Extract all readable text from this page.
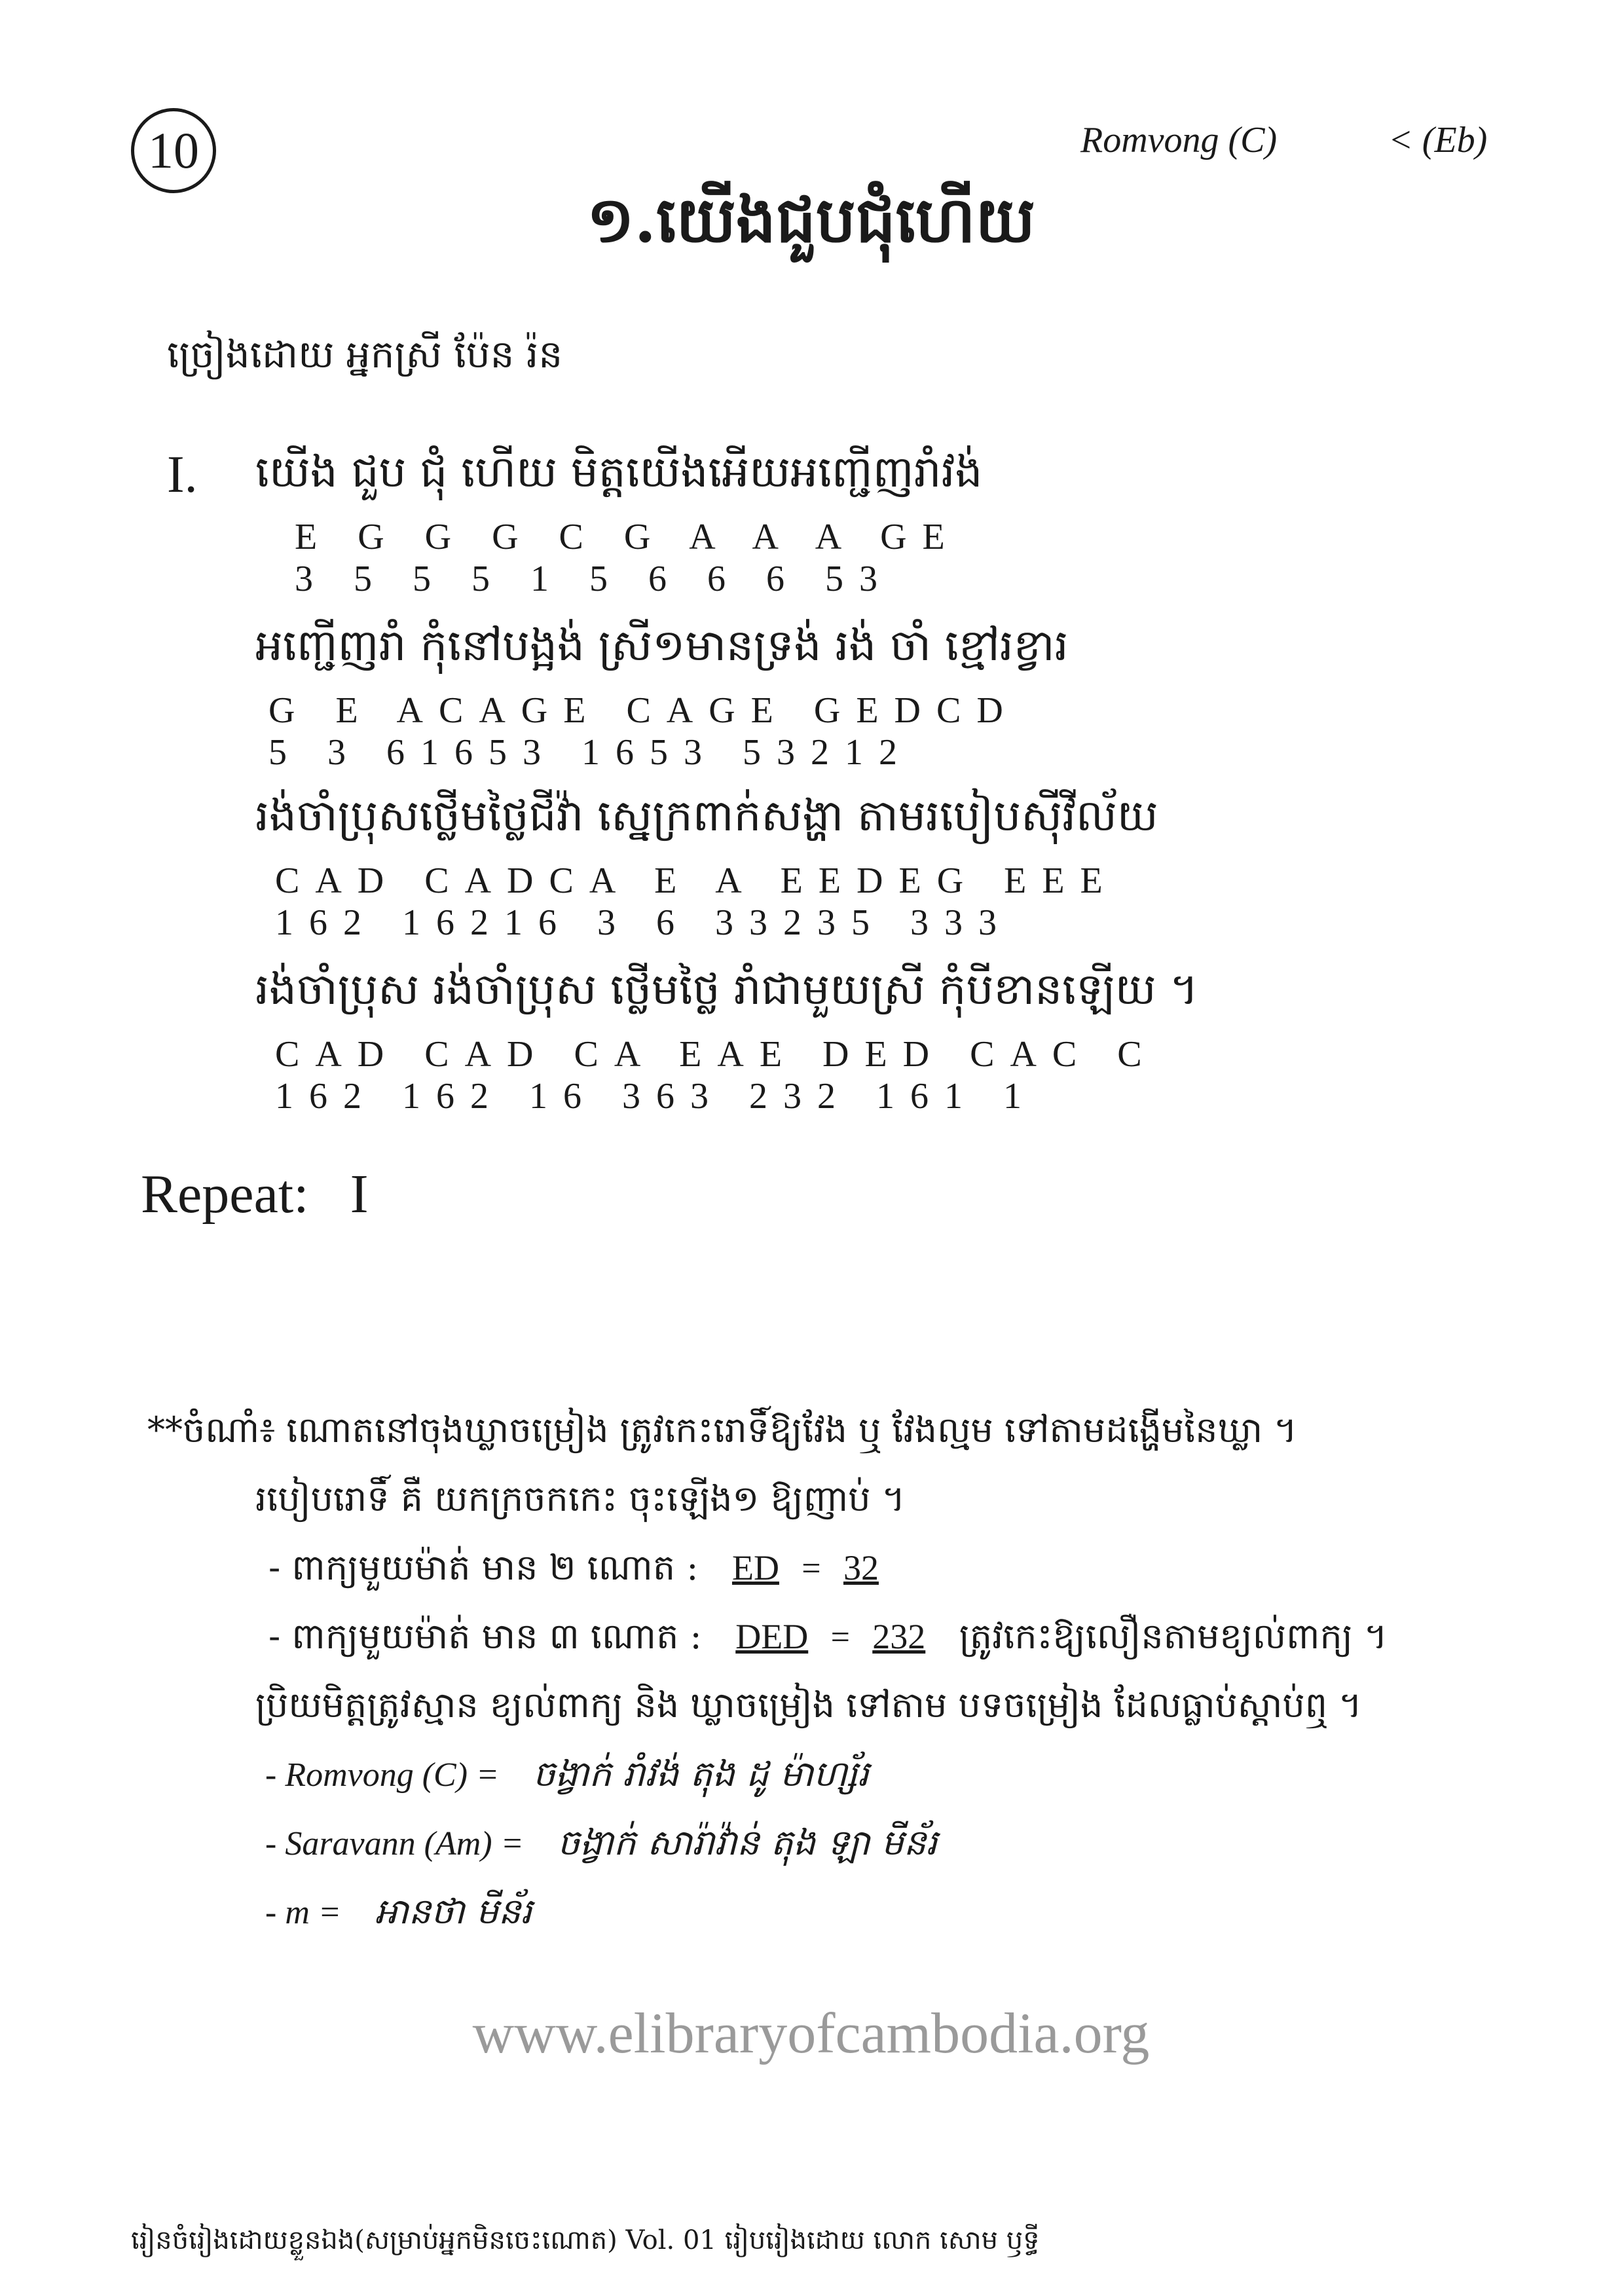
10	Romvong (C)	< (Eb)
១.យើងជួបជុំហើយ
ច្រៀងដោយ អ្នកស្រី ប៉ែន រ៉ន
I. យើង ជួប ជុំ ហើយ មិត្តយើងអើយអញ្ជើញរាំវង់
E G G G C G A A A GE
3 5 5 5 1 5 6 6 6 53
អញ្ជើញរាំ កុំនៅបង្អង់ ស្រី១មានទ្រង់ រង់ ចាំ ខ្មៅរខ្វារ
G E ACAGE CAGE GEDCD
5 3 61653 1653 53212
រង់ចាំប្រុសថ្លើមថ្លៃជីវ៉ា ស្នេក្រពាក់សង្ហា តាមរបៀបស៊ីវីល័យ
CAD CADCA E A EEDEG EEE
162 16216 3 6 33235 333
រង់ចាំប្រុស រង់ចាំប្រុស ថ្លើមថ្លៃ រាំជាមួយស្រី កុំបីខានឡើយ ។
CAD CAD CA EAE DED CAC C
162 162 16 363 232 161 1
Repeat: I
**ចំណាំ៖ ណោតនៅចុងឃ្លាចម្រៀង ត្រូវកេះរោទិ៍ឱ្យវែង ឬ វែងល្មម ទៅតាមដង្ហើមនៃឃ្លា ។
របៀបរោទិ៍ គឺ យកក្រចកកេះ ចុះឡើង១ ឱ្យញាប់ ។
- ពាក្យមួយម៉ាត់ មាន ២ ណោត : ED = 32
- ពាក្យមួយម៉ាត់ មាន ៣ ណោត : DED = 232 ត្រូវកេះឱ្យលឿនតាមខ្យល់ពាក្យ ។
ប្រិយមិត្តត្រូវស្មាន ខ្យល់ពាក្យ និង ឃ្លាចម្រៀង ទៅតាម បទចម្រៀង ដែលធ្លាប់ស្តាប់ឮ ។
- Romvong (C) = ចង្វាក់ រាំវង់ តុង ដូ ម៉ាហ្ស័រ
- Saravann (Am) = ចង្វាក់ សារ៉ាវ៉ាន់ តុង ឡា មីន័រ
- m = អានថា មីន័រ
www.elibraryofcambodia.org
រៀនចំរៀងដោយខ្លួនឯង(សម្រាប់អ្នកមិនចេះណោត) Vol. 01 រៀបរៀងដោយ លោក សោម ឫទ្ធី
